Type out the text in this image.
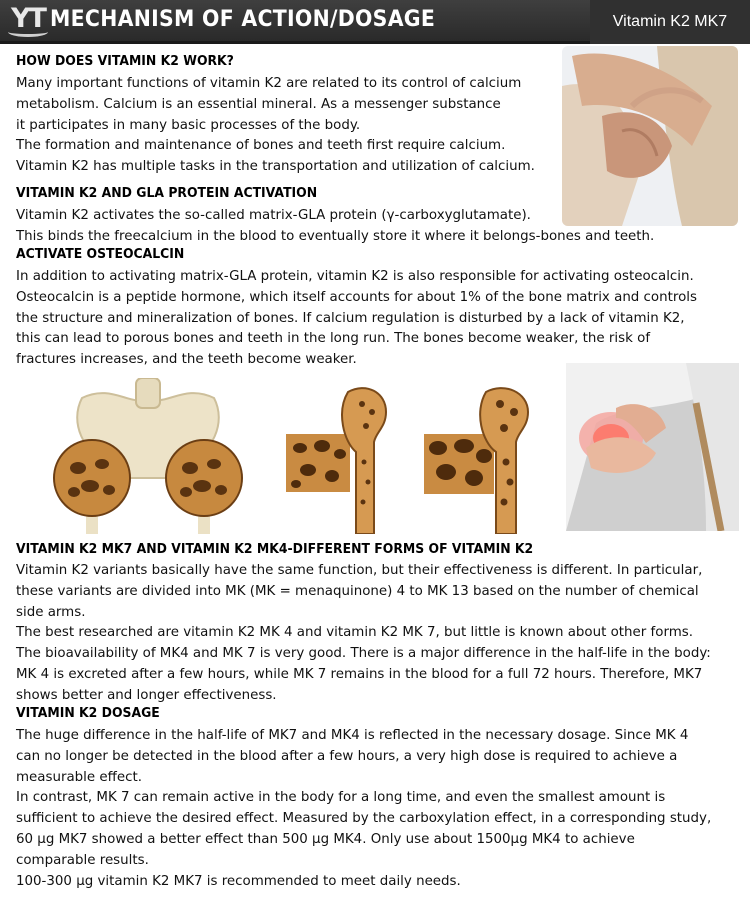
YT MECHANISM OF ACTION/DOSAGE	Vitamin K2 MK7
HOW DOES VITAMIN K2 WORK?
Many important functions of vitamin K2 are related to its control of calcium
metabolism. Calcium is an essential mineral. As a messenger substance
it participates in many basic processes of the body.
The formation and maintenance of bones and teeth first require calcium.
Vitamin K2 has multiple tasks in the transportation and utilization of calcium.
VITAMIN K2 AND GLA PROTEIN ACTIVATION
Vitamin K2 activates the so-called matrix-GLA protein (γ-carboxyglutamate).
This binds the freecalcium in the blood to eventually store it where it belongs-bones and teeth.
ACTIVATE OSTEOCALCIN
In addition to activating matrix-GLA protein, vitamin K2 is also responsible for activating osteocalcin.
Osteocalcin is a peptide hormone, which itself accounts for about 1% of the bone matrix and controls
the structure and mineralization of bones. If calcium regulation is disturbed by a lack of vitamin K2,
this can lead to porous bones and teeth in the long run. The bones become weaker, the risk of
fractures increases, and the teeth become weaker.
VITAMIN K2 MK7 AND VITAMIN K2 MK4-DIFFERENT FORMS OF VITAMIN K2
Vitamin K2 variants basically have the same function, but their effectiveness is different. In particular,
these variants are divided into MK (MK = menaquinone) 4 to MK 13 based on the number of chemical
side arms.
The best researched are vitamin K2 MK 4 and vitamin K2 MK 7, but little is known about other forms.
The bioavailability of MK4 and MK 7 is very good. There is a major difference in the half-life in the body:
MK 4 is excreted after a few hours, while MK 7 remains in the blood for a full 72 hours. Therefore, MK7
shows better and longer effectiveness.
VITAMIN K2 DOSAGE
The huge difference in the half-life of MK7 and MK4 is reflected in the necessary dosage. Since MK 4
can no longer be detected in the blood after a few hours, a very high dose is required to achieve a
measurable effect.
In contrast, MK 7 can remain active in the body for a long time, and even the smallest amount is
sufficient to achieve the desired effect. Measured by the carboxylation effect, in a corresponding study,
60 µg MK7 showed a better effect than 500 µg MK4. Only use about 1500µg MK4 to achieve
comparable results.
100-300 µg vitamin K2 MK7 is recommended to meet daily needs.
